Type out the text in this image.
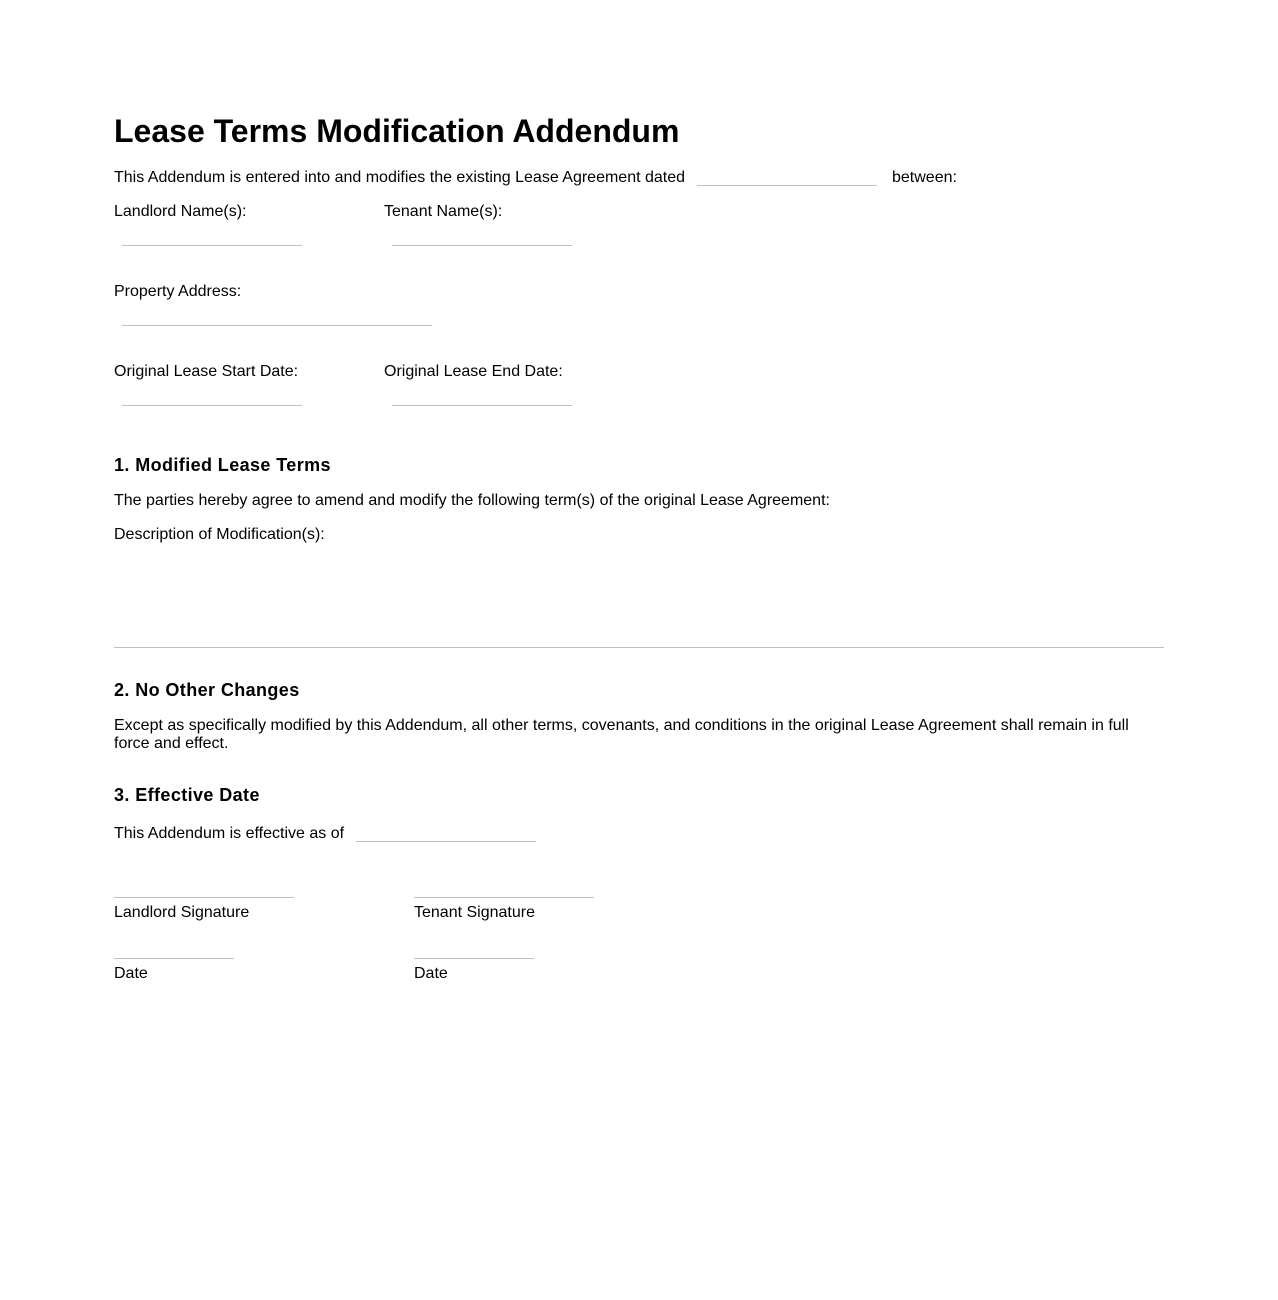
Lease Terms Modification Addendum
This Addendum is entered into and modifies the existing Lease Agreement dated	between:
Landlord Name(s):	Tenant Name(s):
Property Address:
Original Lease Start Date:	Original Lease End Date:
1. Modified Lease Terms
The parties hereby agree to amend and modify the following term(s) of the original Lease Agreement:
Description of Modification(s):
2. No Other Changes
Except as specifically modified by this Addendum, all other terms, covenants, and conditions in the original Lease Agreement shall remain in full force and effect.
3. Effective Date
This Addendum is effective as of
Landlord Signature	Tenant Signature
Date	Date
